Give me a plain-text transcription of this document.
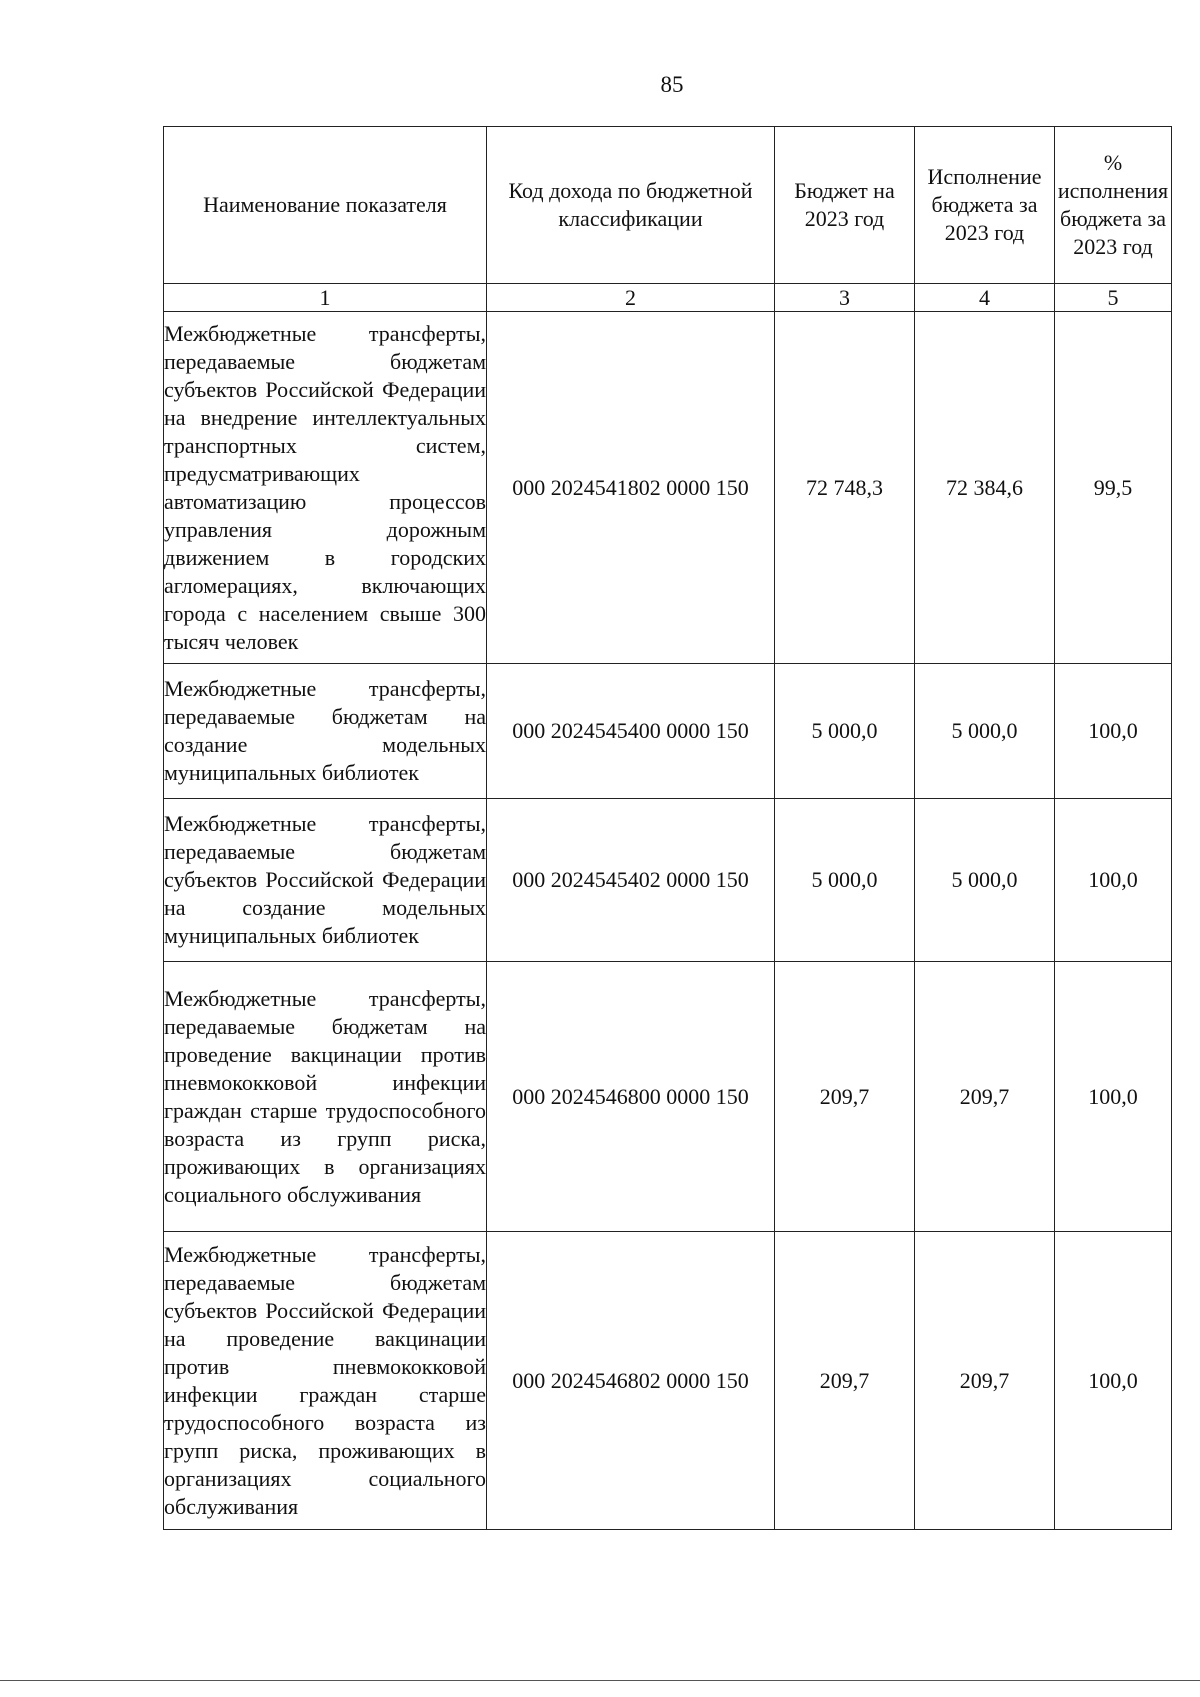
85
Наименование показателя	Код дохода по бюджетной классификации	Бюджет на 2023 год	Исполнение бюджета за 2023 год	% исполнения бюджета за 2023 год
1	2	3	4	5
Межбюджетные трансферты, передаваемые бюджетам субъектов Российской Федерации на внедрение интеллектуальных транспортных систем, предусматривающих автоматизацию процессов управления дорожным движением в городских агломерациях, включающих города с населением свыше 300 тысяч человек	000 2024541802 0000 150	72 748,3	72 384,6	99,5
Межбюджетные трансферты, передаваемые бюджетам на создание модельных муниципальных библиотек	000 2024545400 0000 150	5 000,0	5 000,0	100,0
Межбюджетные трансферты, передаваемые бюджетам субъектов Российской Федерации на создание модельных муниципальных библиотек	000 2024545402 0000 150	5 000,0	5 000,0	100,0
Межбюджетные трансферты, передаваемые бюджетам на проведение вакцинации против пневмококковой инфекции граждан старше трудоспособного возраста из групп риска, проживающих в организациях социального обслуживания	000 2024546800 0000 150	209,7	209,7	100,0
Межбюджетные трансферты, передаваемые бюджетам субъектов Российской Федерации на проведение вакцинации против пневмококковой инфекции граждан старше трудоспособного возраста из групп риска, проживающих в организациях социального обслуживания	000 2024546802 0000 150	209,7	209,7	100,0
